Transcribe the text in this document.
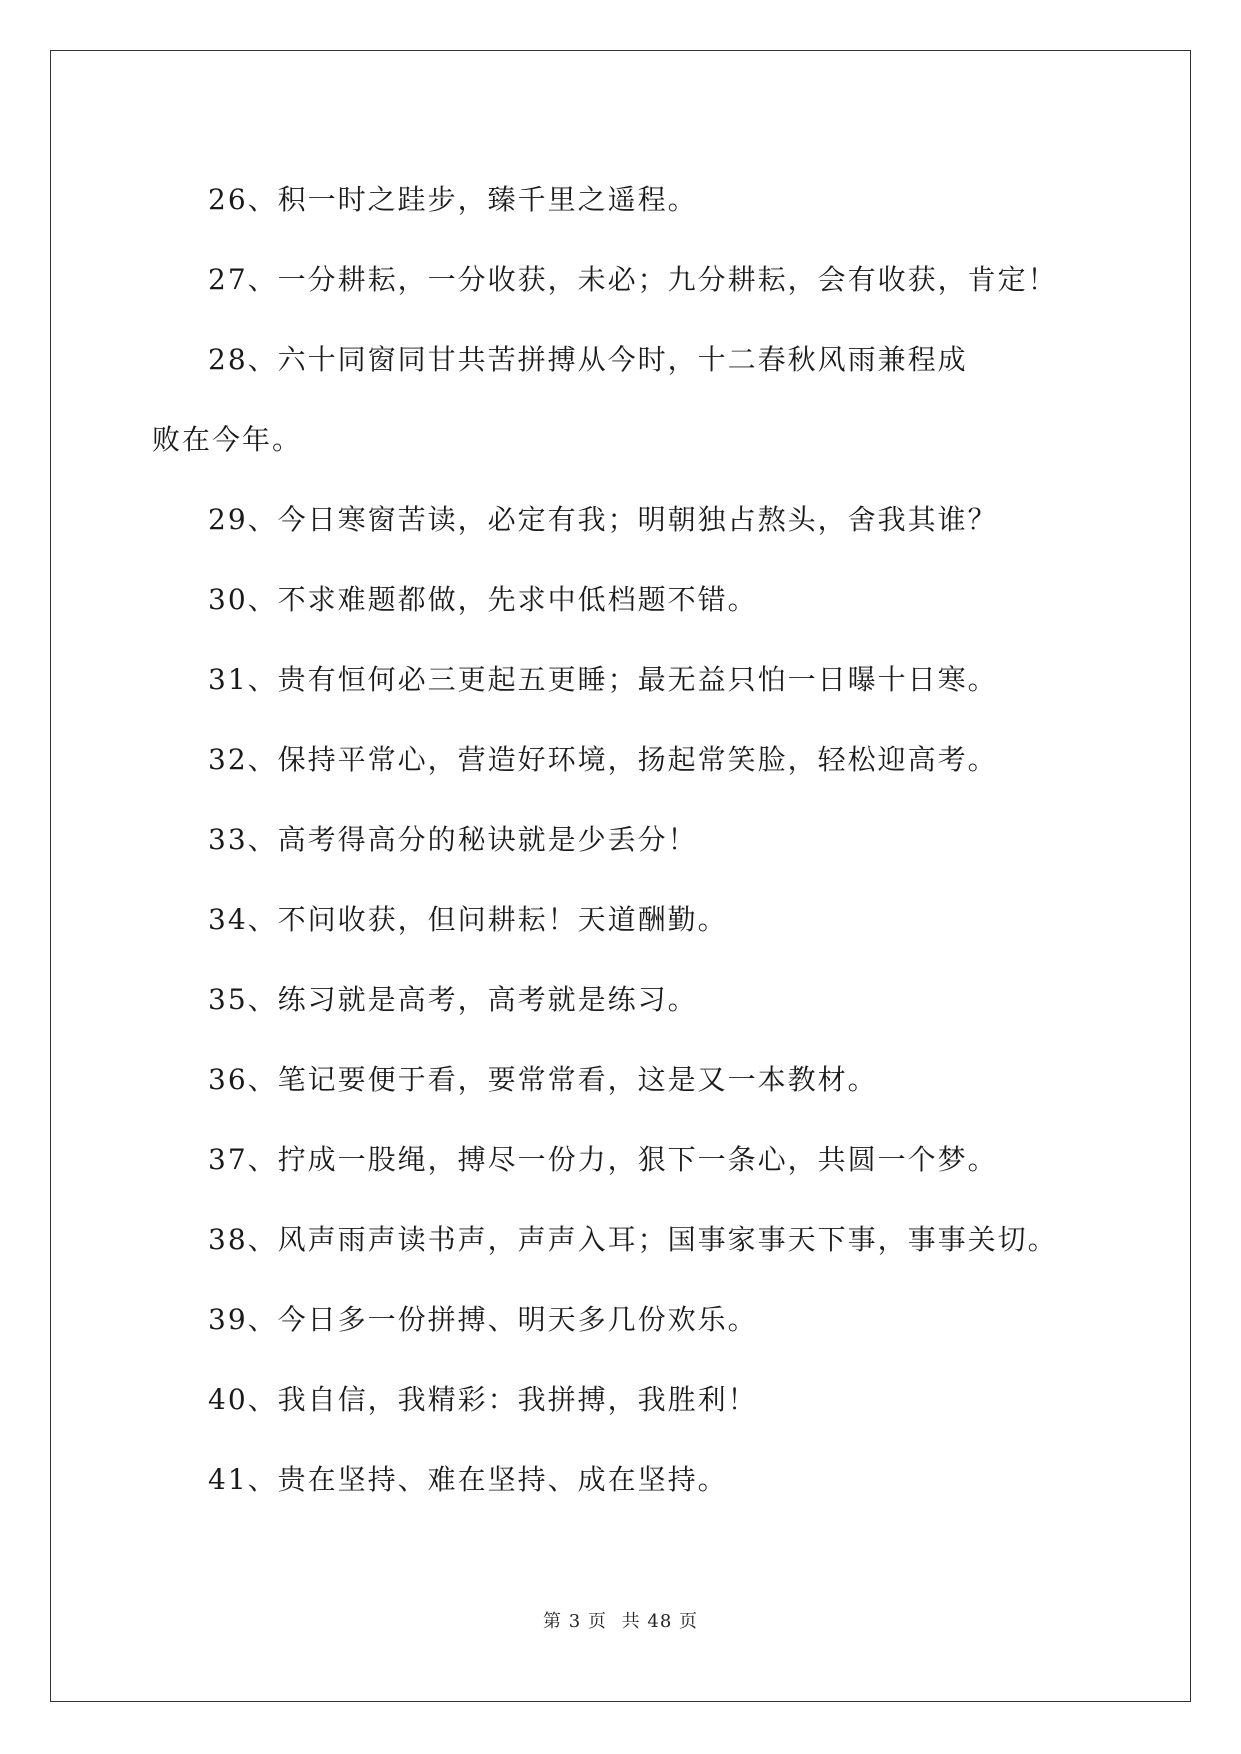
26、积一时之跬步，臻千里之遥程。

27、一分耕耘，一分收获，未必；九分耕耘，会有收获，肯定！

28、六十同窗同甘共苦拼搏从今时，十二春秋风雨兼程成败在今年。

29、今日寒窗苦读，必定有我；明朝独占熬头，舍我其谁？

30、不求难题都做，先求中低档题不错。

31、贵有恒何必三更起五更睡；最无益只怕一日曝十日寒。

32、保持平常心，营造好环境，扬起常笑脸，轻松迎高考。

33、高考得高分的秘诀就是少丢分！

34、不问收获，但问耕耘！天道酬勤。

35、练习就是高考，高考就是练习。

36、笔记要便于看，要常常看，这是又一本教材。

37、拧成一股绳，搏尽一份力，狠下一条心，共圆一个梦。

38、风声雨声读书声，声声入耳；国事家事天下事，事事关切。

39、今日多一份拼搏、明天多几份欢乐。

40、我自信，我精彩：我拼搏，我胜利！

41、贵在坚持、难在坚持、成在坚持。

第 3 页 共 48 页
